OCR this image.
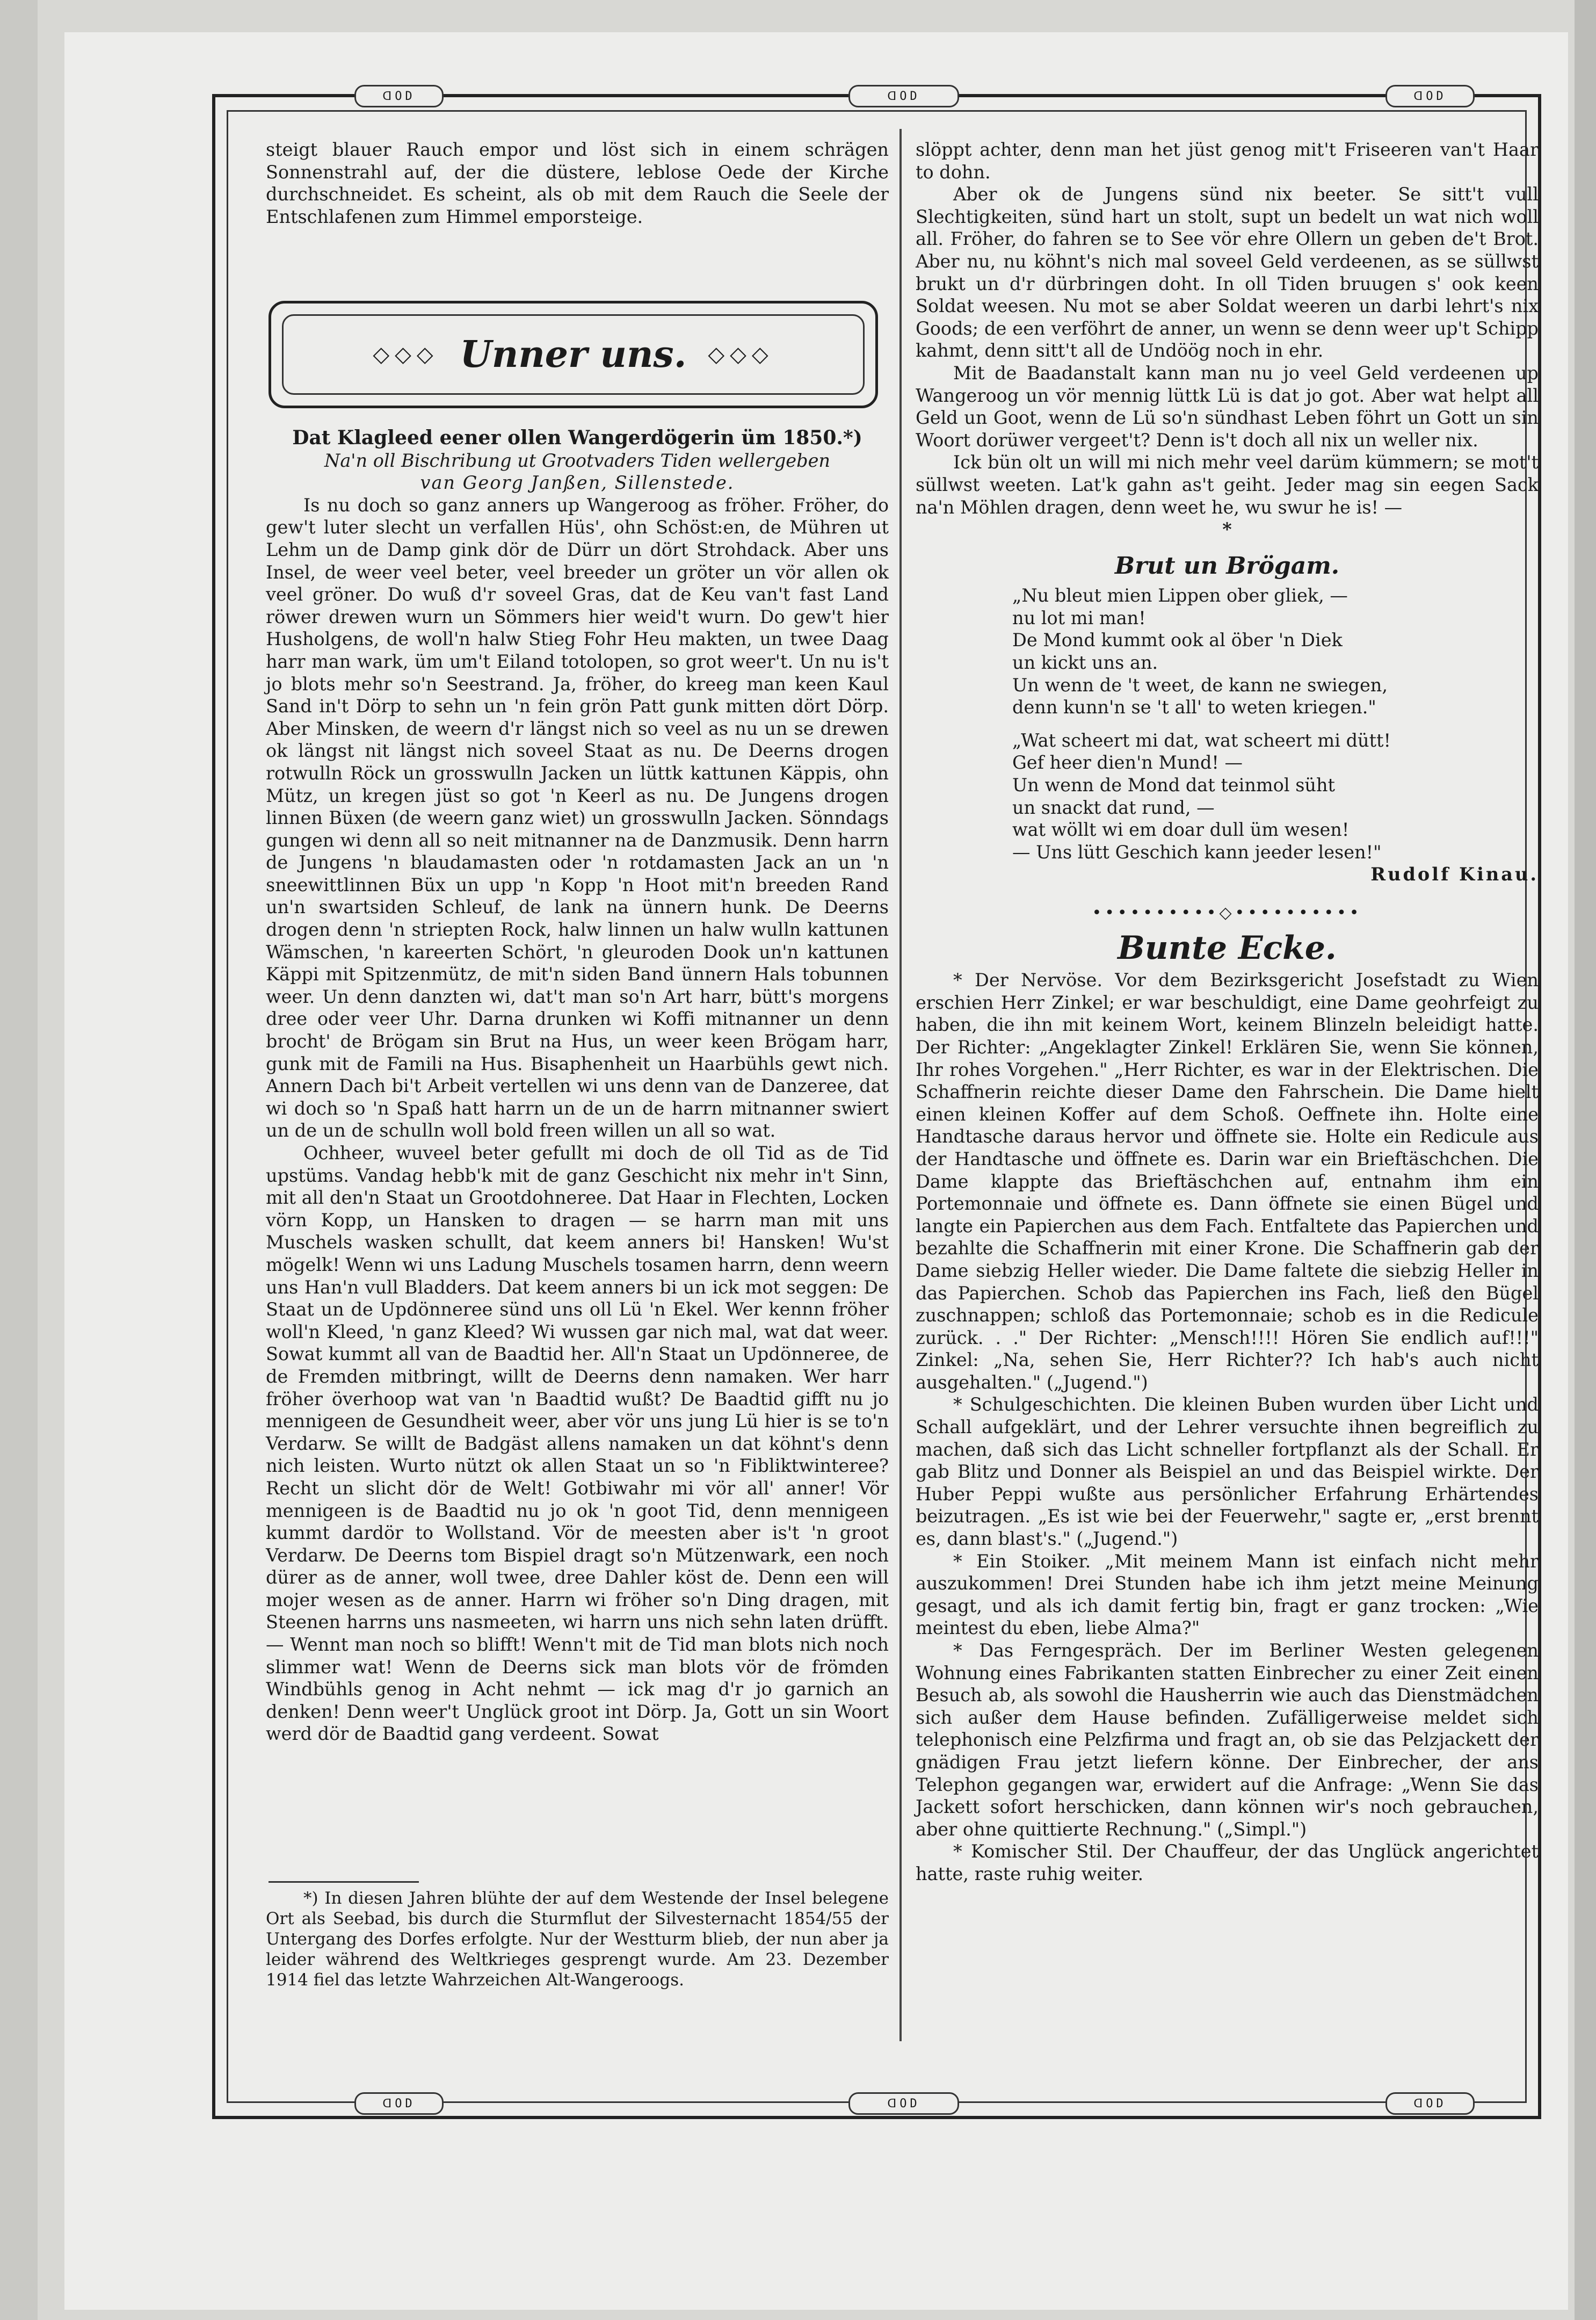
ᗡOD	ᗡOD	ᗡOD
ᗡOD	ᗡOD	ᗡOD

steigt blauer Rauch empor und löst sich in einem schrägen Sonnenstrahl auf, der die düstere, leblose Oede der Kirche durchschneidet. Es scheint, als ob mit dem Rauch die Seele der Entschlafenen zum Himmel emporsteige.

◇◇◇ Unner uns. ◇◇◇
Dat Klagleed eener ollen Wangerdögerin üm 1850.*)
Na'n oll Bischribung ut Grootvaders Tiden wellergeben
van Georg Janßen, Sillenstede.

Is nu doch so ganz anners up Wangeroog as fröher. Fröher, do gew't luter slecht un verfallen Hüs', ohn Schöst:en, de Mühren ut Lehm un de Damp gink dör de Dürr un dört Strohdack. Aber uns Insel, de weer veel beter, veel breeder un gröter un vör allen ok veel gröner. Do wuß d'r soveel Gras, dat de Keu van't fast Land röwer drewen wurn un Sömmers hier weid't wurn. Do gew't hier Husholgens, de woll'n halw Stieg Fohr Heu makten, un twee Daag harr man wark, üm um't Eiland totolopen, so grot weer't. Un nu is't jo blots mehr so'n Seestrand. Ja, fröher, do kreeg man keen Kaul Sand in't Dörp to sehn un 'n fein grön Patt gunk mitten dört Dörp. Aber Minsken, de weern d'r längst nich so veel as nu un se drewen ok längst nit längst nich soveel Staat as nu. De Deerns drogen rotwulln Röck un grosswulln Jacken un lüttk kattunen Käppis, ohn Mütz, un kregen jüst so got 'n Keerl as nu. De Jungens drogen linnen Büxen (de weern ganz wiet) un grosswulln Jacken. Sönndags gungen wi denn all so neit mitnanner na de Danzmusik. Denn harrn de Jungens 'n blaudamasten oder 'n rotdamasten Jack an un 'n sneewittlinnen Büx un upp 'n Kopp 'n Hoot mit'n breeden Rand un'n swartsiden Schleuf, de lank na ünnern hunk. De Deerns drogen denn 'n striepten Rock, halw linnen un halw wulln kattunen Wämschen, 'n kareerten Schört, 'n gleuroden Dook un'n kattunen Käppi mit Spitzenmütz, de mit'n siden Band ünnern Hals tobunnen weer. Un denn danzten wi, dat't man so'n Art harr, bütt's morgens dree oder veer Uhr. Darna drunken wi Koffi mitnanner un denn brocht' de Brögam sin Brut na Hus, un weer keen Brögam harr, gunk mit de Famili na Hus. Bisaphenheit un Haarbühls gewt nich. Annern Dach bi't Arbeit vertellen wi uns denn van de Danzeree, dat wi doch so 'n Spaß hatt harrn un de un de harrn mitnanner swiert un de un de schulln woll bold freen willen un all so wat.

Ochheer, wuveel beter gefullt mi doch de oll Tid as de Tid upstüms. Vandag hebb'k mit de ganz Geschicht nix mehr in't Sinn, mit all den'n Staat un Grootdohneree. Dat Haar in Flechten, Locken vörn Kopp, un Hansken to dragen — se harrn man mit uns Muschels wasken schullt, dat keem anners bi! Hansken! Wu'st mögelk! Wenn wi uns Ladung Muschels tosamen harrn, denn weern uns Han'n vull Bladders. Dat keem anners bi un ick mot seggen: De Staat un de Updönneree sünd uns oll Lü 'n Ekel. Wer kennn fröher woll'n Kleed, 'n ganz Kleed? Wi wussen gar nich mal, wat dat weer. Sowat kummt all van de Baadtid her. All'n Staat un Updönneree, de de Fremden mitbringt, willt de Deerns denn namaken. Wer harr fröher överhoop wat van 'n Baadtid wußt? De Baadtid gifft nu jo mennigeen de Gesundheit weer, aber vör uns jung Lü hier is se to'n Verdarw. Se willt de Badgäst allens namaken un dat köhnt's denn nich leisten. Wurto nützt ok allen Staat un so 'n Fibliktwinteree? Recht un slicht dör de Welt! Gotbiwahr mi vör all' anner! Vör mennigeen is de Baadtid nu jo ok 'n goot Tid, denn mennigeen kummt dardör to Wollstand. Vör de meesten aber is't 'n groot Verdarw. De Deerns tom Bispiel dragt so'n Mützenwark, een noch dürer as de anner, woll twee, dree Dahler köst de. Denn een will mojer wesen as de anner. Harrn wi fröher so'n Ding dragen, mit Steenen harrns uns nasmeeten, wi harrn uns nich sehn laten drüfft. — Wennt man noch so blifft! Wenn't mit de Tid man blots nich noch slimmer wat! Wenn de Deerns sick man blots vör de frömden Windbühls genog in Acht nehmt — ick mag d'r jo garnich an denken! Denn weer't Unglück groot int Dörp. Ja, Gott un sin Woort werd dör de Baadtid gang verdeent. Sowat

*) In diesen Jahren blühte der auf dem Westende der Insel belegene Ort als Seebad, bis durch die Sturmflut der Silvesternacht 1854/55 der Untergang des Dorfes erfolgte. Nur der Westturm blieb, der nun aber ja leider während des Weltkrieges gesprengt wurde. Am 23. Dezember 1914 fiel das letzte Wahrzeichen Alt-Wangeroogs.

slöppt achter, denn man het jüst genog mit't Friseeren van't Haar to dohn.

Aber ok de Jungens sünd nix beeter. Se sitt't vull Slechtigkeiten, sünd hart un stolt, supt un bedelt un wat nich woll all. Fröher, do fahren se to See vör ehre Ollern un geben de't Brot. Aber nu, nu köhnt's nich mal soveel Geld verdeenen, as se süllwst brukt un d'r dürbringen doht. In oll Tiden bruugen s' ook keen Soldat weesen. Nu mot se aber Soldat weeren un darbi lehrt's nix Goods; de een verföhrt de anner, un wenn se denn weer up't Schipp kahmt, denn sitt't all de Undöög noch in ehr.

Mit de Baadanstalt kann man nu jo veel Geld verdeenen up Wangeroog un vör mennig lüttk Lü is dat jo got. Aber wat helpt all Geld un Goot, wenn de Lü so'n sündhast Leben föhrt un Gott un sin Woort dorüwer vergeet't? Denn is't doch all nix un weller nix.

Ick bün olt un will mi nich mehr veel darüm kümmern; se mot't süllwst weeten. Lat'k gahn as't geiht. Jeder mag sin eegen Sack na'n Möhlen dragen, denn weet he, wu swur he is! —

*
Brut un Brögam.
„Nu bleut mien Lippen ober gliek, —
nu lot mi man!
De Mond kummt ook al öber 'n Diek
un kickt uns an.
Un wenn de 't weet, de kann ne swiegen,
denn kunn'n se 't all' to weten kriegen."
„Wat scheert mi dat, wat scheert mi dütt!
Gef heer dien'n Mund! —
Un wenn de Mond dat teinmol süht
un snackt dat rund, —
wat wöllt wi em doar dull üm wesen!
— Uns lütt Geschich kann jeeder lesen!"
Rudolf Kinau.
••••••••••◇••••••••••
Bunte Ecke.

* Der Nervöse. Vor dem Bezirksgericht Josefstadt zu Wien erschien Herr Zinkel; er war beschuldigt, eine Dame geohrfeigt zu haben, die ihn mit keinem Wort, keinem Blinzeln beleidigt hatte. Der Richter: „Angeklagter Zinkel! Erklären Sie, wenn Sie können, Ihr rohes Vorgehen." „Herr Richter, es war in der Elektrischen. Die Schaffnerin reichte dieser Dame den Fahrschein. Die Dame hielt einen kleinen Koffer auf dem Schoß. Oeffnete ihn. Holte eine Handtasche daraus hervor und öffnete sie. Holte ein Redicule aus der Handtasche und öffnete es. Darin war ein Brieftäschchen. Die Dame klappte das Brieftäschchen auf, entnahm ihm ein Portemonnaie und öffnete es. Dann öffnete sie einen Bügel und langte ein Papierchen aus dem Fach. Entfaltete das Papierchen und bezahlte die Schaffnerin mit einer Krone. Die Schaffnerin gab der Dame siebzig Heller wieder. Die Dame faltete die siebzig Heller in das Papierchen. Schob das Papierchen ins Fach, ließ den Bügel zuschnappen; schloß das Portemonnaie; schob es in die Redicule zurück. . ." Der Richter: „Mensch!!!! Hören Sie endlich auf!!!" Zinkel: „Na, sehen Sie, Herr Richter?? Ich hab's auch nicht ausgehalten." („Jugend.")

* Schulgeschichten. Die kleinen Buben wurden über Licht und Schall aufgeklärt, und der Lehrer versuchte ihnen begreiflich zu machen, daß sich das Licht schneller fortpflanzt als der Schall. Er gab Blitz und Donner als Beispiel an und das Beispiel wirkte. Der Huber Peppi wußte aus persönlicher Erfahrung Erhärtendes beizutragen. „Es ist wie bei der Feuerwehr," sagte er, „erst brennt es, dann blast's." („Jugend.")

* Ein Stoiker. „Mit meinem Mann ist einfach nicht mehr auszukommen! Drei Stunden habe ich ihm jetzt meine Meinung gesagt, und als ich damit fertig bin, fragt er ganz trocken: „Wie meintest du eben, liebe Alma?"

* Das Ferngespräch. Der im Berliner Westen gelegenen Wohnung eines Fabrikanten statten Einbrecher zu einer Zeit einen Besuch ab, als sowohl die Hausherrin wie auch das Dienstmädchen sich außer dem Hause befinden. Zufälligerweise meldet sich telephonisch eine Pelzfirma und fragt an, ob sie das Pelzjackett der gnädigen Frau jetzt liefern könne. Der Einbrecher, der ans Telephon gegangen war, erwidert auf die Anfrage: „Wenn Sie das Jackett sofort herschicken, dann können wir's noch gebrauchen, aber ohne quittierte Rechnung." („Simpl.")

* Komischer Stil. Der Chauffeur, der das Unglück angerichtet hatte, raste ruhig weiter.
